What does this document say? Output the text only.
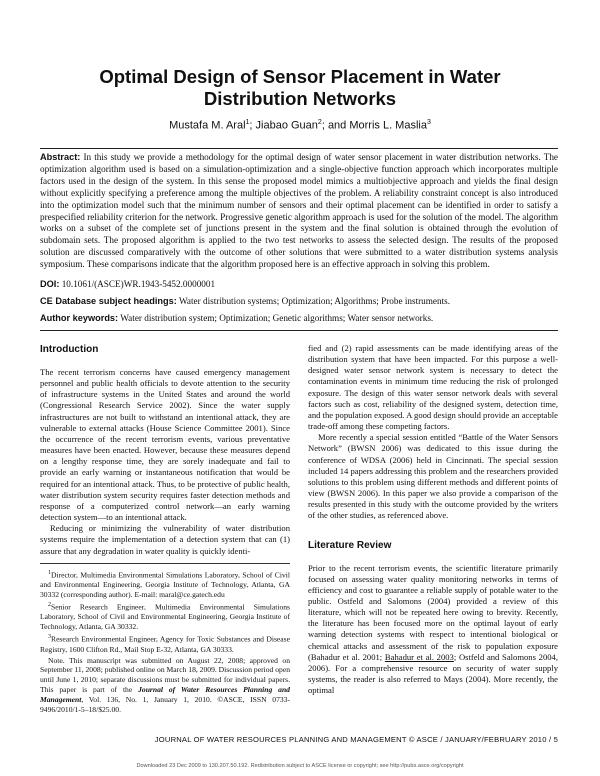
Optimal Design of Sensor Placement in Water
Distribution Networks
Mustafa M. Aral$^1$; Jiabao Guan$^2$; and Morris L. Maslia$^3$
Abstract: In this study we provide a methodology for the optimal design of water sensor placement in water distribution networks. The optimization algorithm used is based on a simulation-optimization and a single-objective function approach which incorporates multiple factors used in the design of the system. In this sense the proposed model mimics a multiobjective approach and yields the final design without explicitly specifying a preference among the multiple objectives of the problem. A reliability constraint concept is also introduced into the optimization model such that the minimum number of sensors and their optimal placement can be identified in order to satisfy a prespecified reliability criterion for the network. Progressive genetic algorithm approach is used for the solution of the model. The algorithm works on a subset of the complete set of junctions present in the system and the final solution is obtained through the evolution of subdomain sets. The proposed algorithm is applied to the two test networks to assess the selected design. The results of the proposed solution are discussed comparatively with the outcome of other solutions that were submitted to a water distribution systems analysis symposium. These comparisons indicate that the algorithm proposed here is an effective approach in solving this problem.
DOI: 10.1061/(ASCE)WR.1943-5452.0000001
CE Database subject headings: Water distribution systems; Optimization; Algorithms; Probe instruments.
Author keywords: Water distribution system; Optimization; Genetic algorithms; Water sensor networks.
Introduction

The recent terrorism concerns have caused emergency management personnel and public health officials to devote attention to the security of infrastructure systems in the United States and around the world (Congressional Research Service 2002). Since the water supply infrastructures are not built to withstand an intentional attack, they are vulnerable to external attacks (House Science Committee 2001). Since the occurrence of the recent terrorism events, various preventative measures have been enacted. However, because these measures depend on a lengthy response time, they are sorely inadequate and fail to provide an early warning or instantaneous notification that would be required for an intentional attack. Thus, to be protective of public health, water distribution system security requires faster detection methods and response of a computerized control network—an early warning detection system—to an intentional attack.

Reducing or minimizing the vulnerability of water distribution systems require the implementation of a detection system that can (1) assure that any degradation in water quality is quickly identi-

$^1$Director, Multimedia Environmental Simulations Laboratory, School of Civil and Environmental Engineering, Georgia Institute of Technology, Atlanta, GA 30332 (corresponding author). E-mail: maral@ce.gatech.edu

$^2$Senior Research Engineer, Multimedia Environmental Simulations Laboratory, School of Civil and Environmental Engineering, Georgia Institute of Technology, Atlanta, GA 30332.

$^3$Research Environmental Engineer, Agency for Toxic Substances and Disease Registry, 1600 Clifton Rd., Mail Stop E-32, Atlanta, GA 30333.

Note. This manuscript was submitted on August 22, 2008; approved on September 11, 2008; published online on March 18, 2009. Discussion period open until June 1, 2010; separate discussions must be submitted for individual papers. This paper is part of the Journal of Water Resources Planning and Management, Vol. 136, No. 1, January 1, 2010. ©ASCE, ISSN 0733-9496/2010/1-5–18/$25.00.

fied and (2) rapid assessments can be made identifying areas of the distribution system that have been impacted. For this purpose a well-designed water sensor network system is necessary to detect the contamination events in minimum time reducing the risk of prolonged exposure. The design of this water sensor network deals with several factors such as cost, reliability of the designed system, detection time, and the population exposed. A good design should provide an acceptable trade-off among these competing factors.

More recently a special session entitled “Battle of the Water Sensors Network” (BWSN 2006) was dedicated to this issue during the conference of WDSA (2006) held in Cincinnati. The special session included 14 papers addressing this problem and the researchers provided solutions to this problem using different methods and different points of view (BWSN 2006). In this paper we also provide a comparison of the results presented in this study with the outcome provided by the writers of the other studies, as referenced above.

Literature Review

Prior to the recent terrorism events, the scientific literature primarily focused on assessing water quality monitoring networks in terms of efficiency and cost to guarantee a reliable supply of potable water to the public. Ostfeld and Salomons (2004) provided a review of this literature, which will not be repeated here owing to brevity. Recently, the literature has been focused more on the optimal layout of early warning detection systems with respect to intentional biological or chemical attacks and assessment of the risk to population exposure (Bahadur et al. 2001; Bahadur et al. 2003; Ostfeld and Salomons 2004, 2006). For a comprehensive resource on security of water supply systems, the reader is also referred to Mays (2004). More recently, the optimal

JOURNAL OF WATER RESOURCES PLANNING AND MANAGEMENT © ASCE / JANUARY/FEBRUARY 2010 / 5
Downloaded 23 Dec 2009 to 130.207.50.192. Redistribution subject to ASCE license or copyright; see http://pubs.asce.org/copyright
